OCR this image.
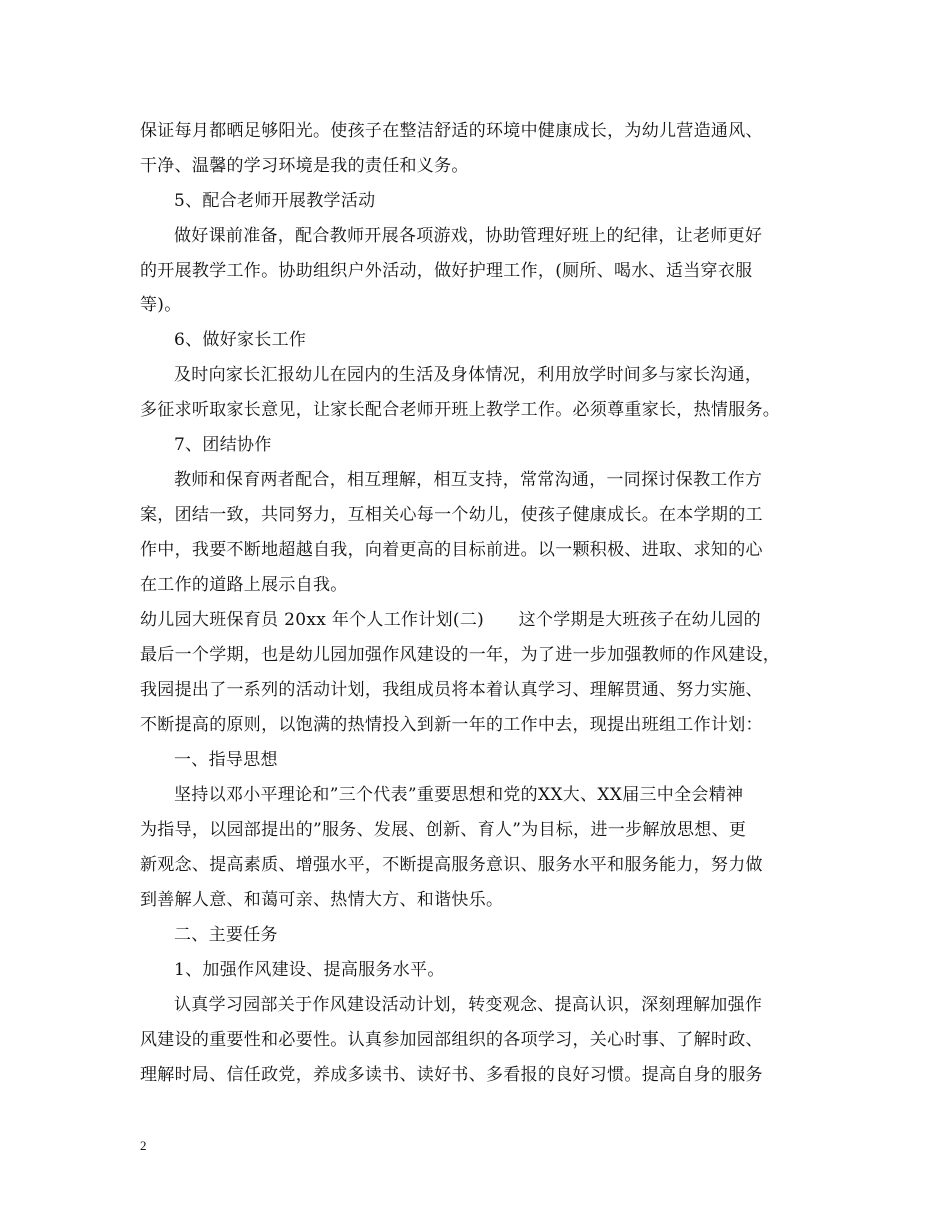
保证每月都晒足够阳光。使孩子在整洁舒适的环境中健康成长，为幼儿营造通风、
干净、温馨的学习环境是我的责任和义务。
5、配合老师开展教学活动
做好课前准备，配合教师开展各项游戏，协助管理好班上的纪律，让老师更好
的开展教学工作。协助组织户外活动，做好护理工作，(厕所、喝水、适当穿衣服
等)。
6、做好家长工作
及时向家长汇报幼儿在园内的生活及身体情况，利用放学时间多与家长沟通，
多征求听取家长意见，让家长配合老师开班上教学工作。必须尊重家长，热情服务。
7、团结协作
教师和保育两者配合，相互理解，相互支持，常常沟通，一同探讨保教工作方
案，团结一致，共同努力，互相关心每一个幼儿，使孩子健康成长。在本学期的工
作中，我要不断地超越自我，向着更高的目标前进。以一颗积极、进取、求知的心
在工作的道路上展示自我。
幼儿园大班保育员 20xx 年个人工作计划(二)　　这个学期是大班孩子在幼儿园的
最后一个学期，也是幼儿园加强作风建设的一年，为了进一步加强教师的作风建设，
我园提出了一系列的活动计划，我组成员将本着认真学习、理解贯通、努力实施、
不断提高的原则，以饱满的热情投入到新一年的工作中去，现提出班组工作计划：
一、指导思想
坚持以邓小平理论和”三个代表”重要思想和党的XX大、XX届三中全会精神
为指导，以园部提出的”服务、发展、创新、育人”为目标，进一步解放思想、更
新观念、提高素质、增强水平，不断提高服务意识、服务水平和服务能力，努力做
到善解人意、和蔼可亲、热情大方、和谐快乐。
二、主要任务
1、加强作风建设、提高服务水平。
认真学习园部关于作风建设活动计划，转变观念、提高认识，深刻理解加强作
风建设的重要性和必要性。认真参加园部组织的各项学习，关心时事、了解时政、
理解时局、信任政党，养成多读书、读好书、多看报的良好习惯。提高自身的服务
2
